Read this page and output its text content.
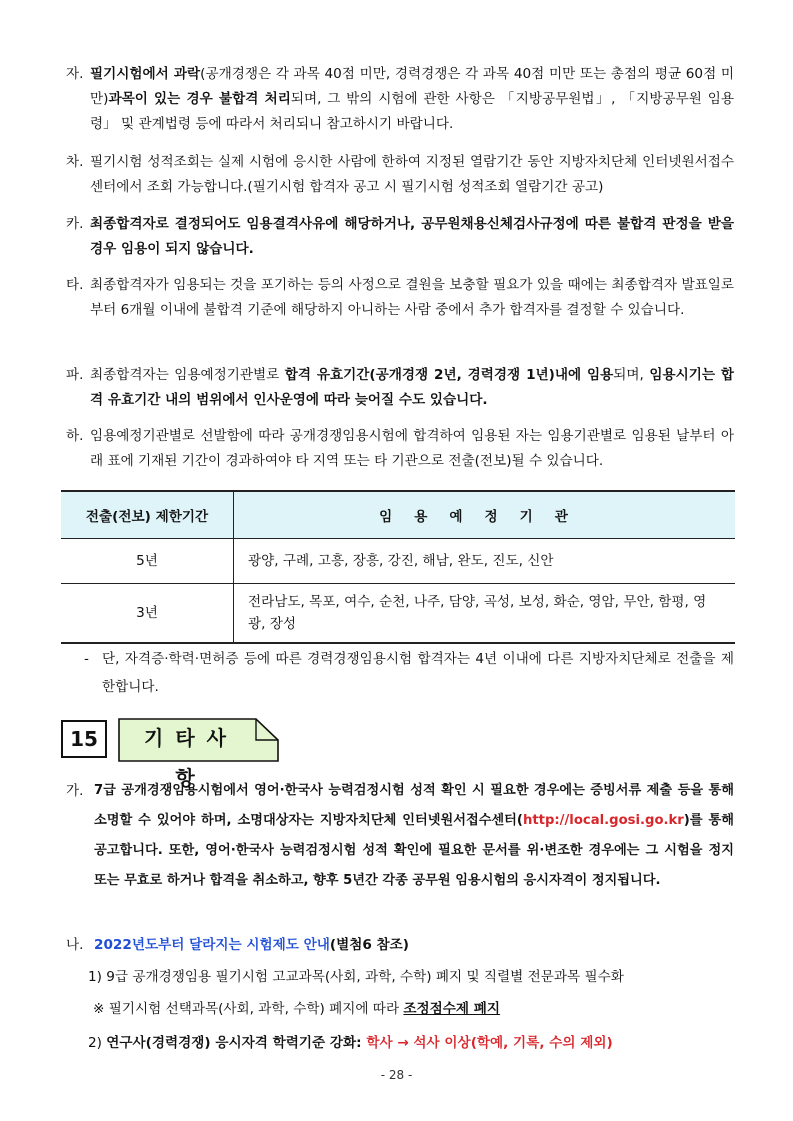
자. 필기시험에서 과락(공개경쟁은 각 과목 40점 미만, 경력경쟁은 각 과목 40점 미만 또는 총점의 평균 60점 미만)과목이 있는 경우 불합격 처리되며, 그 밖의 시험에 관한 사항은 「지방공무원법」, 「지방공무원 임용령」 및 관계법령 등에 따라서 처리되니 참고하시기 바랍니다.
차. 필기시험 성적조회는 실제 시험에 응시한 사람에 한하여 지정된 열람기간 동안 지방자치단체 인터넷원서접수센터에서 조회 가능합니다.(필기시험 합격자 공고 시 필기시험 성적조회 열람기간 공고)
카. 최종합격자로 결정되어도 임용결격사유에 해당하거나, 공무원채용신체검사규정에 따른 불합격 판정을 받을 경우 임용이 되지 않습니다.
타. 최종합격자가 임용되는 것을 포기하는 등의 사정으로 결원을 보충할 필요가 있을 때에는 최종합격자 발표일로부터 6개월 이내에 불합격 기준에 해당하지 아니하는 사람 중에서 추가 합격자를 결정할 수 있습니다.
파. 최종합격자는 임용예정기관별로 합격 유효기간(공개경쟁 2년, 경력경쟁 1년)내에 임용되며, 임용시기는 합격 유효기간 내의 범위에서 인사운영에 따라 늦어질 수도 있습니다.
하. 임용예정기관별로 선발함에 따라 공개경쟁임용시험에 합격하여 임용된 자는 임용기관별로 임용된 날부터 아래 표에 기재된 기간이 경과하여야 타 지역 또는 타 기관으로 전출(전보)될 수 있습니다.
전출(전보) 제한기간	임용예정기관
5년	광양, 구례, 고흥, 장흥, 강진, 해남, 완도, 진도, 신안
3년	전라남도, 목포, 여수, 순천, 나주, 담양, 곡성, 보성, 화순, 영암, 무안, 함평, 영광, 장성
- 단, 자격증·학력·면허증 등에 따른 경력경쟁임용시험 합격자는 4년 이내에 다른 지방자치단체로 전출을 제한합니다.
15	기타사항
가. 7급 공개경쟁임용시험에서 영어·한국사 능력검정시험 성적 확인 시 필요한 경우에는 증빙서류 제출 등을 통해 소명할 수 있어야 하며, 소명대상자는 지방자치단체 인터넷원서접수센터(http://local.gosi.go.kr)를 통해 공고합니다. 또한, 영어·한국사 능력검정시험 성적 확인에 필요한 문서를 위·변조한 경우에는 그 시험을 정지 또는 무효로 하거나 합격을 취소하고, 향후 5년간 각종 공무원 임용시험의 응시자격이 정지됩니다.
나. 2022년도부터 달라지는 시험제도 안내(별첨6 참조)
1) 9급 공개경쟁임용 필기시험 고교과목(사회, 과학, 수학) 폐지 및 직렬별 전문과목 필수화
※ 필기시험 선택과목(사회, 과학, 수학) 폐지에 따라 조정점수제 폐지
2) 연구사(경력경쟁) 응시자격 학력기준 강화: 학사 → 석사 이상(학예, 기록, 수의 제외)
- 28 -
